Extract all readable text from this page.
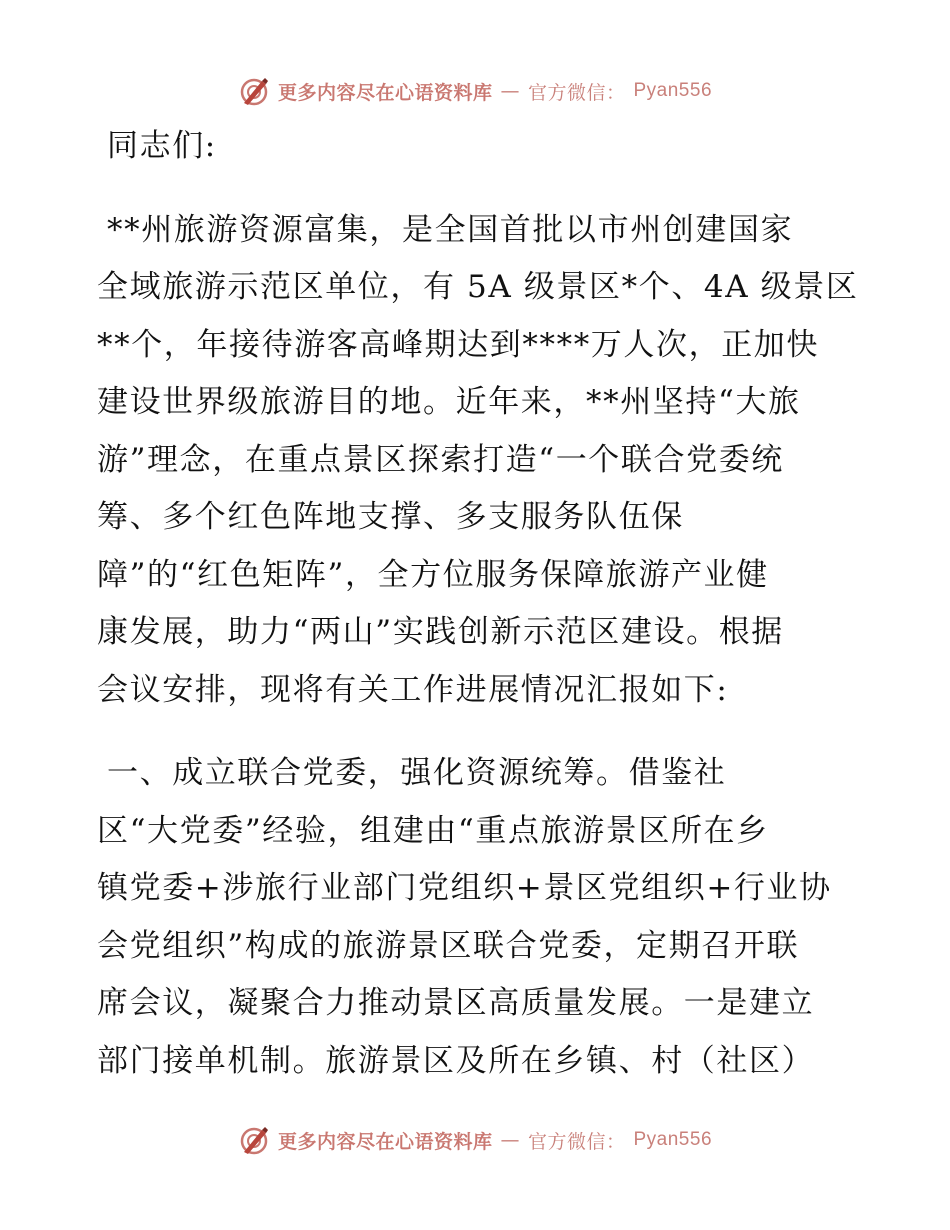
更多内容尽在心语资料库 — 官方微信： Pyan556
同志们:
**州旅游资源富集，是全国首批以市州创建国家
全域旅游示范区单位，有 5A 级景区*个、4A 级景区
**个，年接待游客高峰期达到****万人次，正加快
建设世界级旅游目的地。近年来，**州坚持“大旅
游”理念，在重点景区探索打造“一个联合党委统
筹、多个红色阵地支撑、多支服务队伍保
障”的“红色矩阵”，全方位服务保障旅游产业健
康发展，助力“两山”实践创新示范区建设。根据
会议安排，现将有关工作进展情况汇报如下:
一、成立联合党委，强化资源统筹。借鉴社
区“大党委”经验，组建由“重点旅游景区所在乡
镇党委+涉旅行业部门党组织+景区党组织+行业协
会党组织”构成的旅游景区联合党委，定期召开联
席会议，凝聚合力推动景区高质量发展。一是建立
部门接单机制。旅游景区及所在乡镇、村（社区）
更多内容尽在心语资料库 — 官方微信： Pyan556
